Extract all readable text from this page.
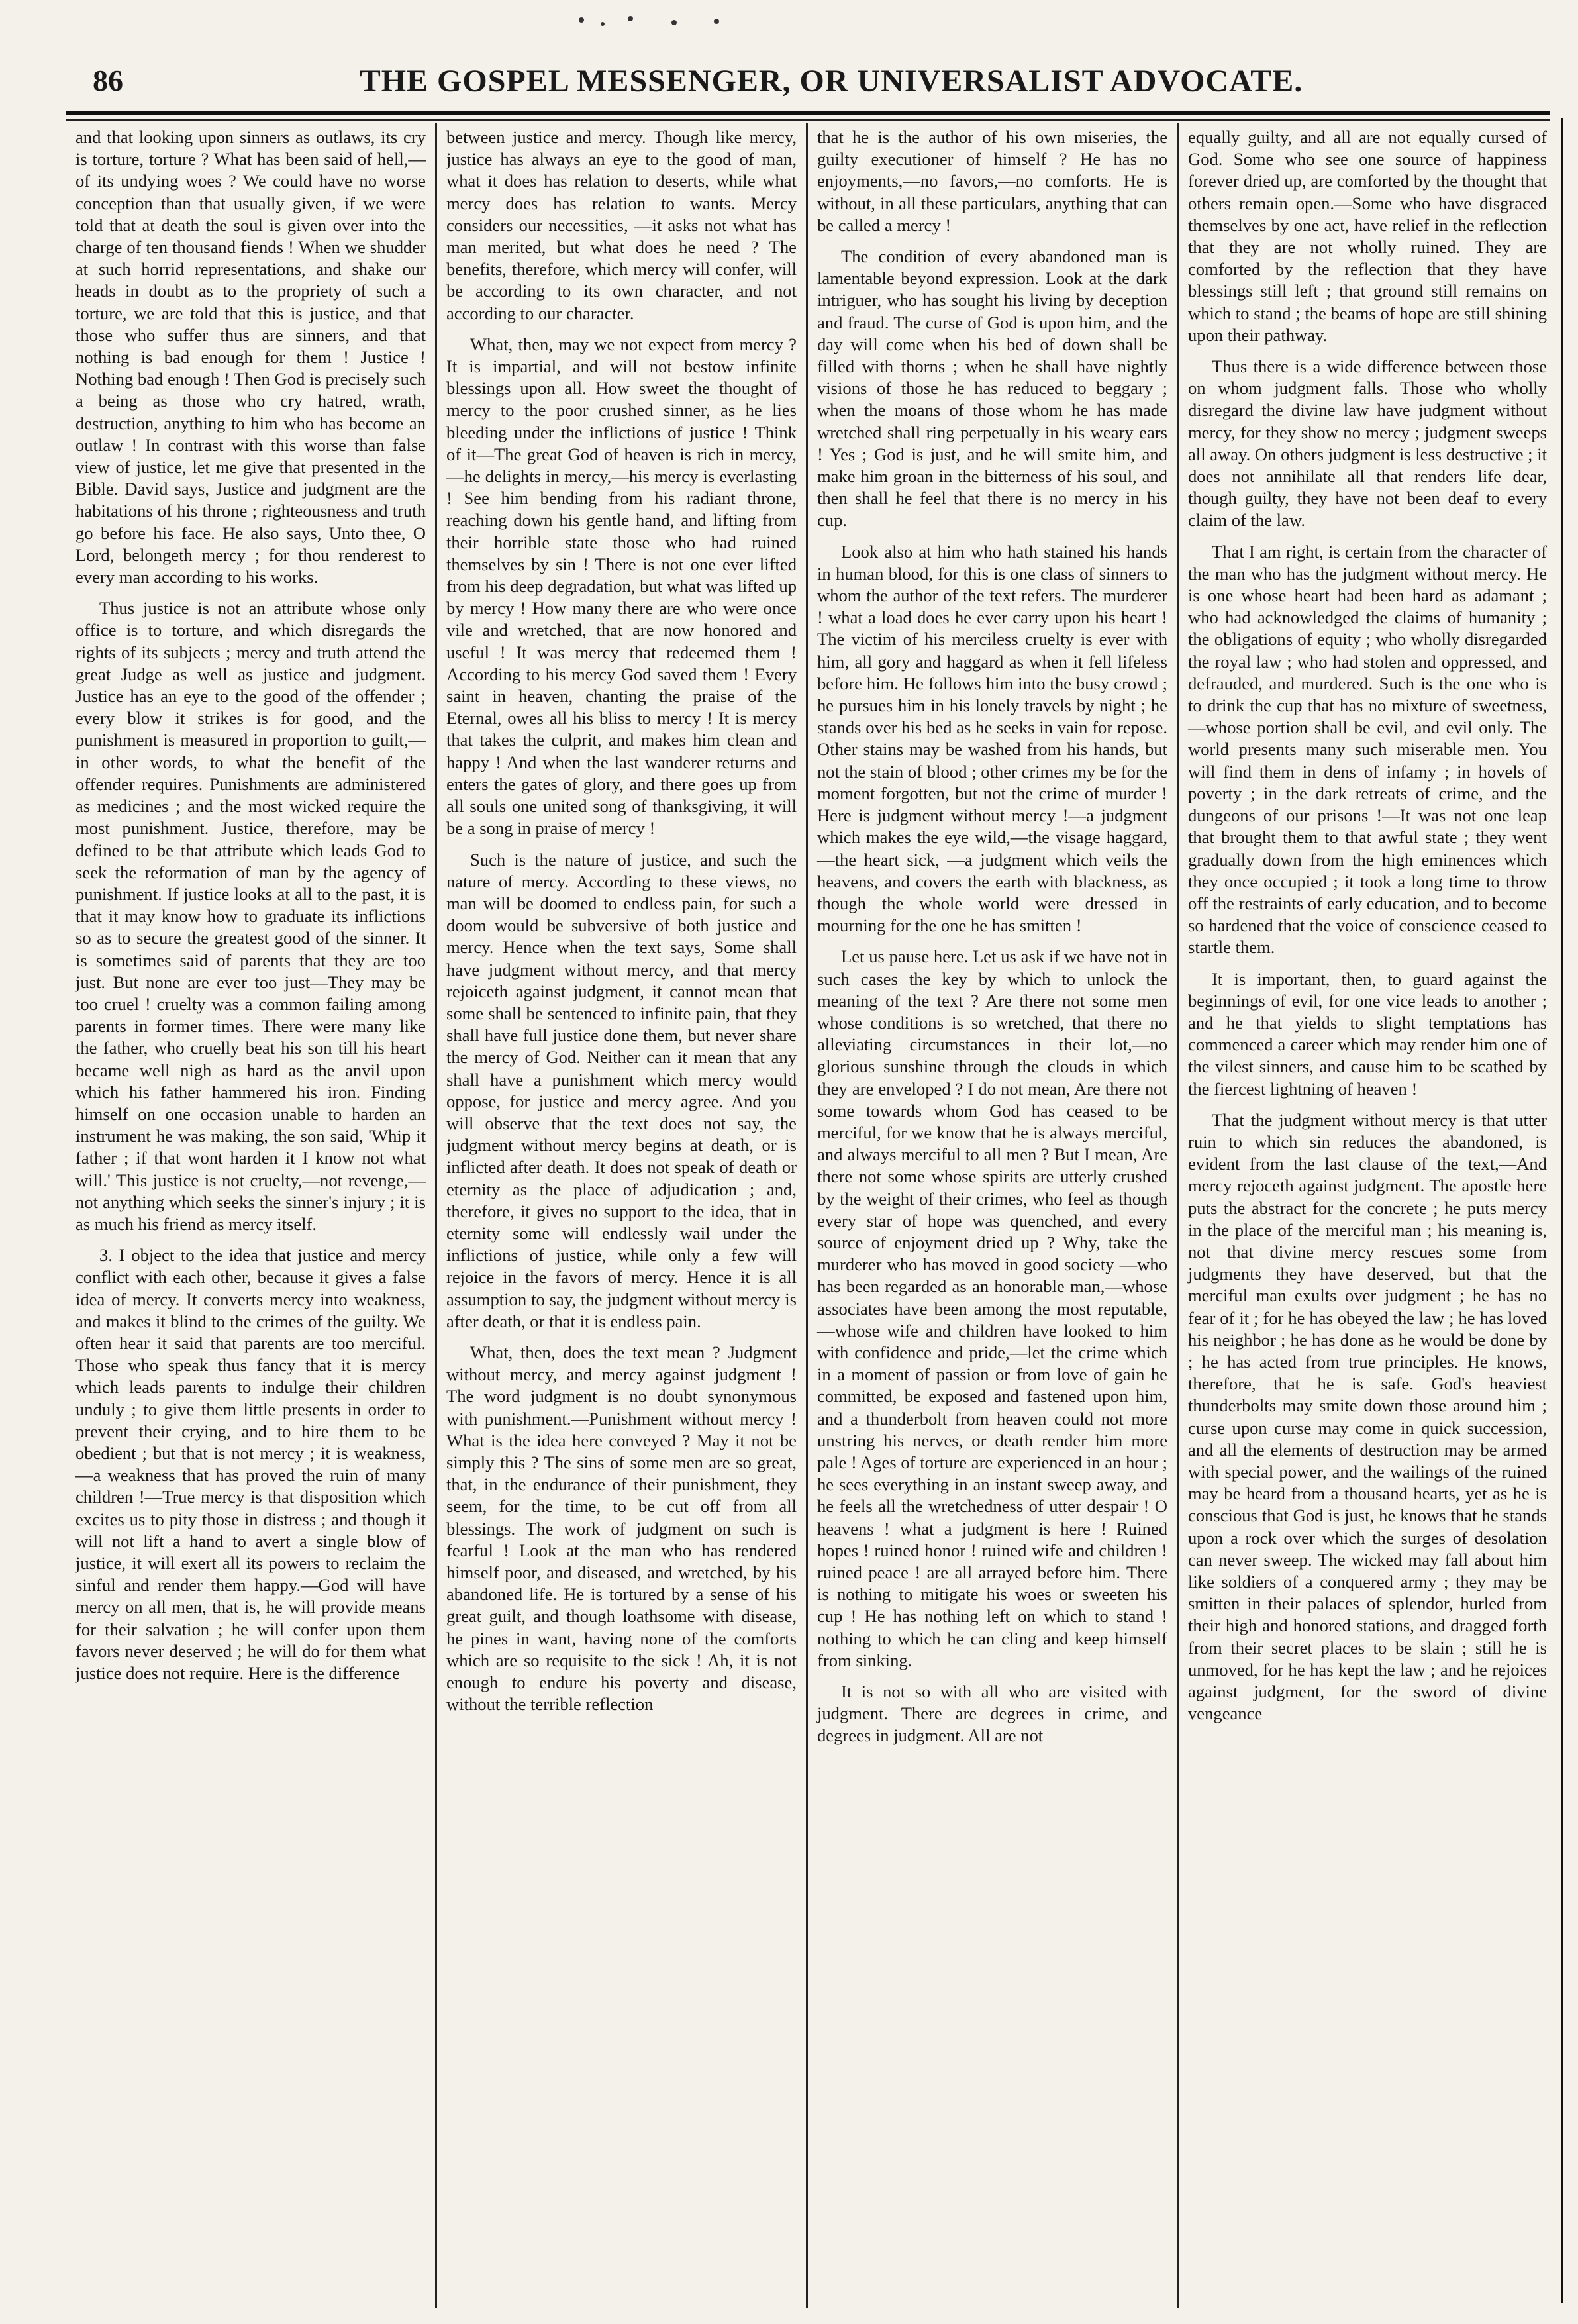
86	THE GOSPEL MESSENGER, OR UNIVERSALIST ADVOCATE.

and that looking upon sinners as outlaws, its cry is torture, torture ? What has been said of hell,—of its undying woes ? We could have no worse conception than that usually given, if we were told that at death the soul is given over into the charge of ten thousand fiends ! When we shudder at such horrid representations, and shake our heads in doubt as to the propriety of such a torture, we are told that this is justice, and that those who suffer thus are sinners, and that nothing is bad enough for them ! Justice ! Nothing bad enough ! Then God is precisely such a being as those who cry hatred, wrath, destruction, anything to him who has become an outlaw ! In contrast with this worse than false view of justice, let me give that presented in the Bible. David says, Justice and judgment are the habitations of his throne ; righteousness and truth go before his face. He also says, Unto thee, O Lord, belongeth mercy ; for thou renderest to every man according to his works.

Thus justice is not an attribute whose only office is to torture, and which disregards the rights of its subjects ; mercy and truth attend the great Judge as well as justice and judgment. Justice has an eye to the good of the offender ; every blow it strikes is for good, and the punishment is measured in proportion to guilt,—in other words, to what the benefit of the offender requires. Punishments are administered as medicines ; and the most wicked require the most punishment. Justice, therefore, may be defined to be that attribute which leads God to seek the reformation of man by the agency of punishment. If justice looks at all to the past, it is that it may know how to graduate its inflictions so as to secure the greatest good of the sinner. It is sometimes said of parents that they are too just. But none are ever too just—They may be too cruel ! cruelty was a common failing among parents in former times. There were many like the father, who cruelly beat his son till his heart became well nigh as hard as the anvil upon which his father hammered his iron. Finding himself on one occasion unable to harden an instrument he was making, the son said, 'Whip it father ; if that wont harden it I know not what will.' This justice is not cruelty,—not revenge,—not anything which seeks the sinner's injury ; it is as much his friend as mercy itself.

3. I object to the idea that justice and mercy conflict with each other, because it gives a false idea of mercy. It converts mercy into weakness, and makes it blind to the crimes of the guilty. We often hear it said that parents are too merciful. Those who speak thus fancy that it is mercy which leads parents to indulge their children unduly ; to give them little presents in order to prevent their crying, and to hire them to be obedient ; but that is not mercy ; it is weakness,—a weakness that has proved the ruin of many children !—True mercy is that disposition which excites us to pity those in distress ; and though it will not lift a hand to avert a single blow of justice, it will exert all its powers to reclaim the sinful and render them happy.—God will have mercy on all men, that is, he will provide means for their salvation ; he will confer upon them favors never deserved ; he will do for them what justice does not require. Here is the difference

between justice and mercy. Though like mercy, justice has always an eye to the good of man, what it does has relation to deserts, while what mercy does has relation to wants. Mercy considers our necessities, —it asks not what has man merited, but what does he need ? The benefits, therefore, which mercy will confer, will be according to its own character, and not according to our character.

What, then, may we not expect from mercy ? It is impartial, and will not bestow infinite blessings upon all. How sweet the thought of mercy to the poor crushed sinner, as he lies bleeding under the inflictions of justice ! Think of it—The great God of heaven is rich in mercy, —he delights in mercy,—his mercy is everlasting ! See him bending from his radiant throne, reaching down his gentle hand, and lifting from their horrible state those who had ruined themselves by sin ! There is not one ever lifted from his deep degradation, but what was lifted up by mercy ! How many there are who were once vile and wretched, that are now honored and useful ! It was mercy that redeemed them ! According to his mercy God saved them ! Every saint in heaven, chanting the praise of the Eternal, owes all his bliss to mercy ! It is mercy that takes the culprit, and makes him clean and happy ! And when the last wanderer returns and enters the gates of glory, and there goes up from all souls one united song of thanksgiving, it will be a song in praise of mercy !

Such is the nature of justice, and such the nature of mercy. According to these views, no man will be doomed to endless pain, for such a doom would be subversive of both justice and mercy. Hence when the text says, Some shall have judgment without mercy, and that mercy rejoiceth against judgment, it cannot mean that some shall be sentenced to infinite pain, that they shall have full justice done them, but never share the mercy of God. Neither can it mean that any shall have a punishment which mercy would oppose, for justice and mercy agree. And you will observe that the text does not say, the judgment without mercy begins at death, or is inflicted after death. It does not speak of death or eternity as the place of adjudication ; and, therefore, it gives no support to the idea, that in eternity some will endlessly wail under the inflictions of justice, while only a few will rejoice in the favors of mercy. Hence it is all assumption to say, the judgment without mercy is after death, or that it is endless pain.

What, then, does the text mean ? Judgment without mercy, and mercy against judgment ! The word judgment is no doubt synonymous with punishment.—Punishment without mercy ! What is the idea here conveyed ? May it not be simply this ? The sins of some men are so great, that, in the endurance of their punishment, they seem, for the time, to be cut off from all blessings. The work of judgment on such is fearful ! Look at the man who has rendered himself poor, and diseased, and wretched, by his abandoned life. He is tortured by a sense of his great guilt, and though loathsome with disease, he pines in want, having none of the comforts which are so requisite to the sick ! Ah, it is not enough to endure his poverty and disease, without the terrible reflection

that he is the author of his own miseries, the guilty executioner of himself ? He has no enjoyments,—no favors,—no comforts. He is without, in all these particulars, anything that can be called a mercy !

The condition of every abandoned man is lamentable beyond expression. Look at the dark intriguer, who has sought his living by deception and fraud. The curse of God is upon him, and the day will come when his bed of down shall be filled with thorns ; when he shall have nightly visions of those he has reduced to beggary ; when the moans of those whom he has made wretched shall ring perpetually in his weary ears ! Yes ; God is just, and he will smite him, and make him groan in the bitterness of his soul, and then shall he feel that there is no mercy in his cup.

Look also at him who hath stained his hands in human blood, for this is one class of sinners to whom the author of the text refers. The murderer ! what a load does he ever carry upon his heart ! The victim of his merciless cruelty is ever with him, all gory and haggard as when it fell lifeless before him. He follows him into the busy crowd ; he pursues him in his lonely travels by night ; he stands over his bed as he seeks in vain for repose. Other stains may be washed from his hands, but not the stain of blood ; other crimes my be for the moment forgotten, but not the crime of murder ! Here is judgment without mercy !—a judgment which makes the eye wild,—the visage haggard,—the heart sick, —a judgment which veils the heavens, and covers the earth with blackness, as though the whole world were dressed in mourning for the one he has smitten !

Let us pause here. Let us ask if we have not in such cases the key by which to unlock the meaning of the text ? Are there not some men whose conditions is so wretched, that there no alleviating circumstances in their lot,—no glorious sunshine through the clouds in which they are enveloped ? I do not mean, Are there not some towards whom God has ceased to be merciful, for we know that he is always merciful, and always merciful to all men ? But I mean, Are there not some whose spirits are utterly crushed by the weight of their crimes, who feel as though every star of hope was quenched, and every source of enjoyment dried up ? Why, take the murderer who has moved in good society —who has been regarded as an honorable man,—whose associates have been among the most reputable,—whose wife and children have looked to him with confidence and pride,—let the crime which in a moment of passion or from love of gain he committed, be exposed and fastened upon him, and a thunderbolt from heaven could not more unstring his nerves, or death render him more pale ! Ages of torture are experienced in an hour ; he sees everything in an instant sweep away, and he feels all the wretchedness of utter despair ! O heavens ! what a judgment is here ! Ruined hopes ! ruined honor ! ruined wife and children ! ruined peace ! are all arrayed before him. There is nothing to mitigate his woes or sweeten his cup ! He has nothing left on which to stand ! nothing to which he can cling and keep himself from sinking.

It is not so with all who are visited with judgment. There are degrees in crime, and degrees in judgment. All are not

equally guilty, and all are not equally cursed of God. Some who see one source of happiness forever dried up, are comforted by the thought that others remain open.—Some who have disgraced themselves by one act, have relief in the reflection that they are not wholly ruined. They are comforted by the reflection that they have blessings still left ; that ground still remains on which to stand ; the beams of hope are still shining upon their pathway.

Thus there is a wide difference between those on whom judgment falls. Those who wholly disregard the divine law have judgment without mercy, for they show no mercy ; judgment sweeps all away. On others judgment is less destructive ; it does not annihilate all that renders life dear, though guilty, they have not been deaf to every claim of the law.

That I am right, is certain from the character of the man who has the judgment without mercy. He is one whose heart had been hard as adamant ; who had acknowledged the claims of humanity ; the obligations of equity ; who wholly disregarded the royal law ; who had stolen and oppressed, and defrauded, and murdered. Such is the one who is to drink the cup that has no mixture of sweetness,—whose portion shall be evil, and evil only. The world presents many such miserable men. You will find them in dens of infamy ; in hovels of poverty ; in the dark retreats of crime, and the dungeons of our prisons !—It was not one leap that brought them to that awful state ; they went gradually down from the high eminences which they once occupied ; it took a long time to throw off the restraints of early education, and to become so hardened that the voice of conscience ceased to startle them.

It is important, then, to guard against the beginnings of evil, for one vice leads to another ; and he that yields to slight temptations has commenced a career which may render him one of the vilest sinners, and cause him to be scathed by the fiercest lightning of heaven !

That the judgment without mercy is that utter ruin to which sin reduces the abandoned, is evident from the last clause of the text,—And mercy rejoceth against judgment. The apostle here puts the abstract for the concrete ; he puts mercy in the place of the merciful man ; his meaning is, not that divine mercy rescues some from judgments they have deserved, but that the merciful man exults over judgment ; he has no fear of it ; for he has obeyed the law ; he has loved his neighbor ; he has done as he would be done by ; he has acted from true principles. He knows, therefore, that he is safe. God's heaviest thunderbolts may smite down those around him ; curse upon curse may come in quick succession, and all the elements of destruction may be armed with special power, and the wailings of the ruined may be heard from a thousand hearts, yet as he is conscious that God is just, he knows that he stands upon a rock over which the surges of desolation can never sweep. The wicked may fall about him like soldiers of a conquered army ; they may be smitten in their palaces of splendor, hurled from their high and honored stations, and dragged forth from their secret places to be slain ; still he is unmoved, for he has kept the law ; and he rejoices against judgment, for the sword of divine vengeance
